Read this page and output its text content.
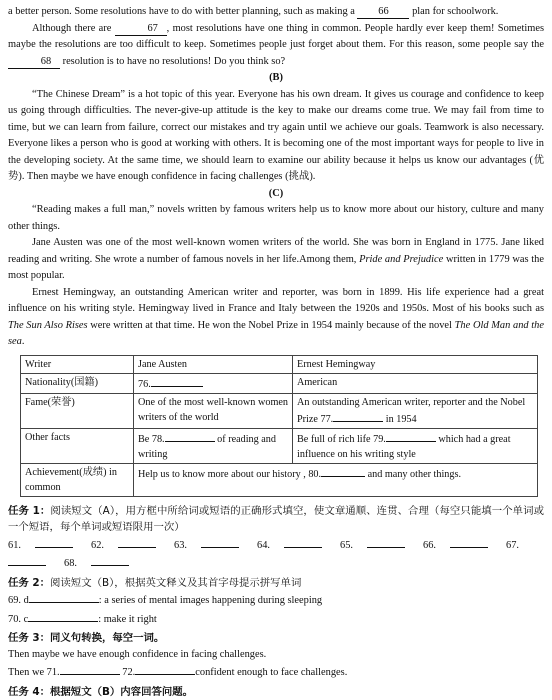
a better person. Some resolutions have to do with better planning, such as making a 66 plan for schoolwork.

Although there are	67 , most resolutions have one thing in common. People hardly ever keep them! Sometimes maybe the resolutions are too difficult to keep. Sometimes people just forget about them. For this reason, some people say the 68 resolution is to have no resolutions! Do you think so?

(B)

“The Chinese Dream” is a hot topic of this year. Everyone has his own dream. It gives us courage and confidence to keep us going through difficulties. The never-give-up attitude is the key to make our dreams come true. We may fail from time to time, but we can learn from failure, correct our mistakes and try again until we achieve our goals. Teamwork is also necessary. Everyone likes a person who is good at working with others. It is becoming one of the most important ways for people to live in the developing society. At the same time, we should learn to examine our ability because it helps us know our advantages (优势). Then maybe we have enough confidence in facing challenges (挑战).

(C)

“Reading makes a full man,” novels written by famous writers help us to know more about our history, culture and many other things.

Jane Austen was one of the most well-known women writers of the world. She was born in England in 1775. Jane liked reading and writing. She wrote a number of famous novels in her life.Among them, Pride and Prejudice written in 1779 was the most popular.

Ernest Hemingway, an outstanding American writer and reporter, was born in 1899. His life experience had a great influence on his writing style. Hemingway lived in France and Italy between the 1920s and 1950s. Most of his books such as The Sun Also Rises were written at that time. He won the Nobel Prize in 1954 mainly because of the novel The Old Man and the sea.

Writer	Jane Austen	Ernest Hemingway
Nationality(国籍)	76.	American
Fame(荣誉)	One of the most well-known women writers of the world	An outstanding American writer, reporter and the Nobel Prize 77. in 1954
Other facts	Be 78. of reading and writing	Be full of rich life 79. which had a great influence on his writing style
Achievement(成绩) in common	Help us to know more about our history , 80. and many other things.	

任务 1：阅读短文（A），用方框中所给词或短语的正确形式填空，使文章通顺、连贯、合理（每空只能填一个单词或一个短语，每个单词或短语限用一次）

61.	62.	63.	64.	65.	66.	67.68.

任务 2：阅读短文（B），根据英文释义及其首字母提示拼写单词

69. d	: a series of mental images happening during sleeping

70. c	: make it right

任务 3：同义句转换，每空一词。

Then maybe we have enough confidence in facing challenges.

Then we 71.	72.	confident enough to face challenges.

任务 4：根据短文（B）内容回答问题。
